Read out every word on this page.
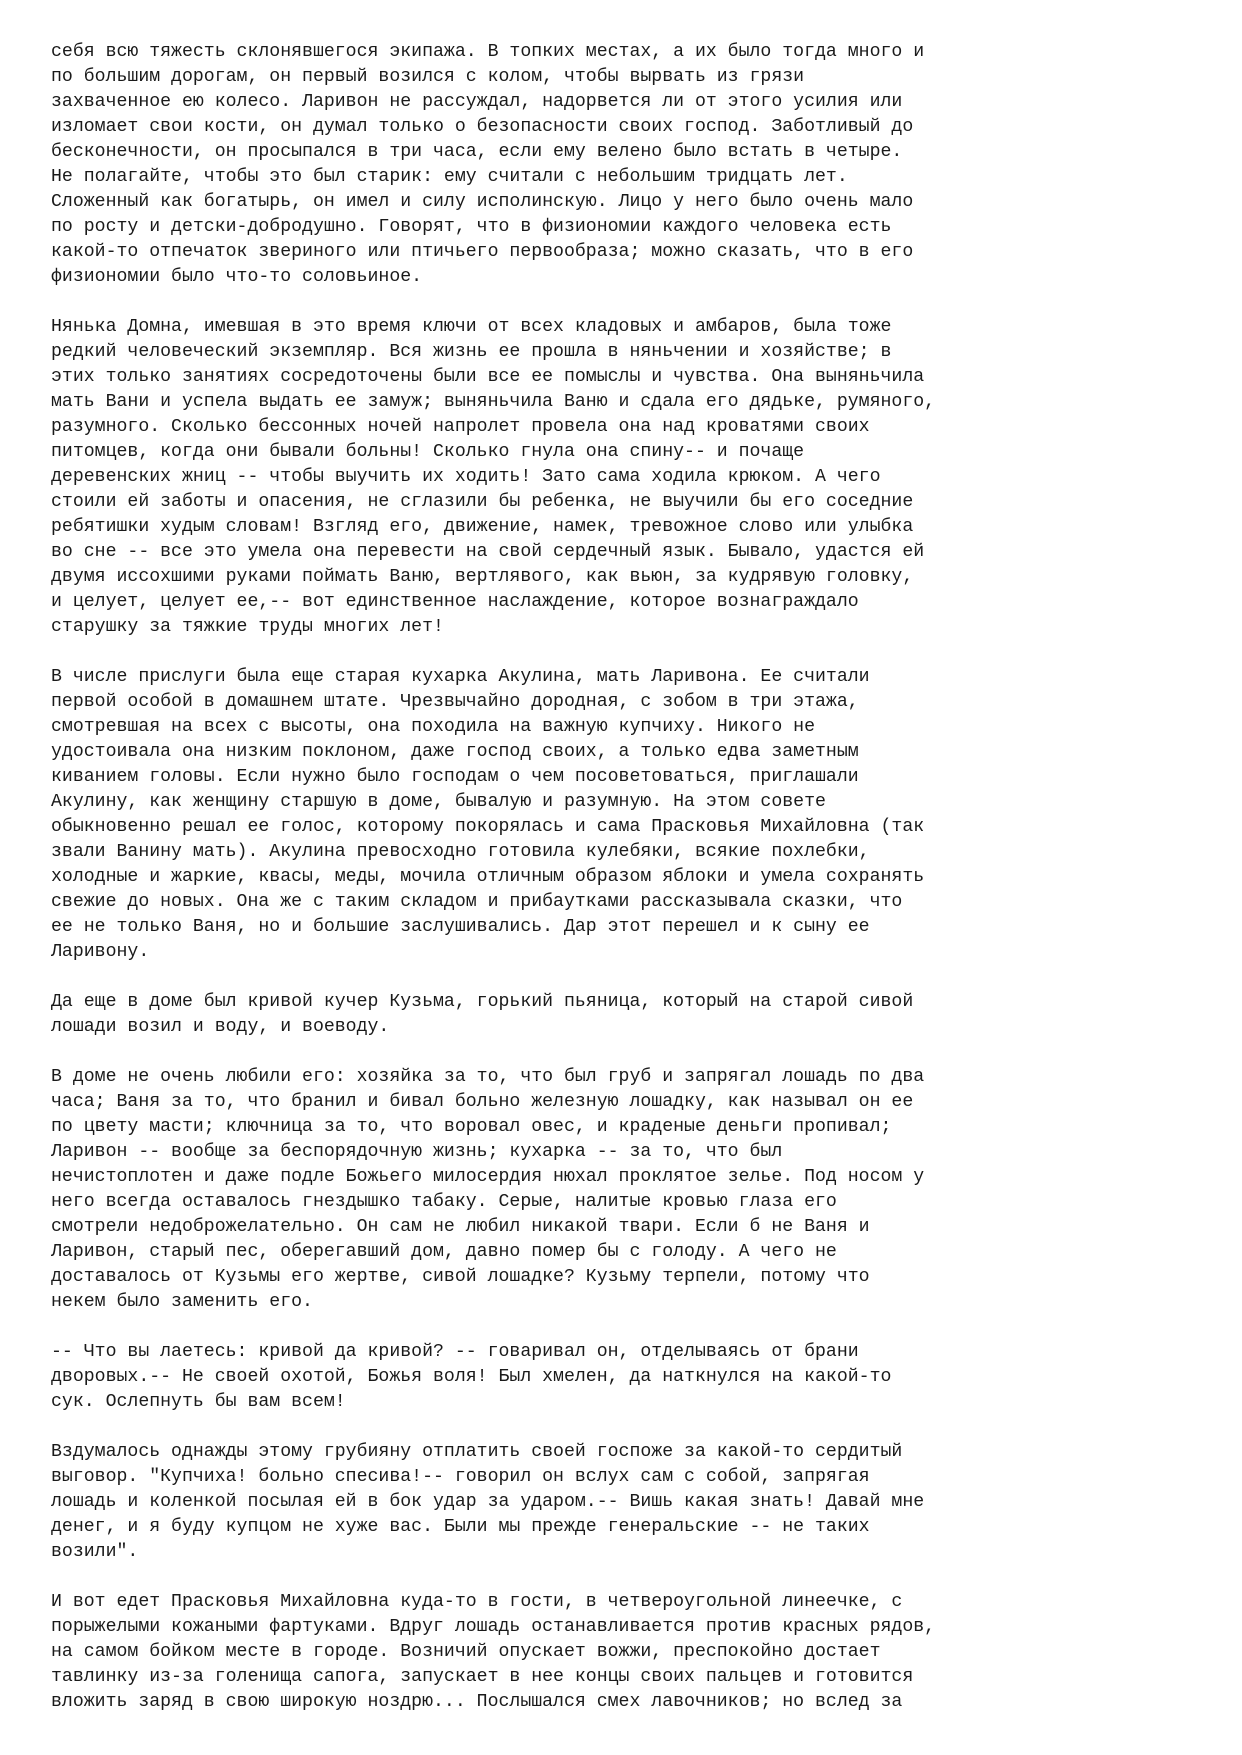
себя всю тяжесть склонявшегося экипажа. В топких местах, а их было тогда много и
по большим дорогам, он первый возился с колом, чтобы вырвать из грязи
захваченное ею колесо. Ларивон не рассуждал, надорвется ли от этого усилия или
изломает свои кости, он думал только о безопасности своих господ. Заботливый до
бесконечности, он просыпался в три часа, если ему велено было встать в четыре.
Не полагайте, чтобы это был старик: ему считали с небольшим тридцать лет.
Сложенный как богатырь, он имел и силу исполинскую. Лицо у него было очень мало
по росту и детски-добродушно. Говорят, что в физиономии каждого человека есть
какой-то отпечаток звериного или птичьего первообраза; можно сказать, что в его
физиономии было что-то соловьиное.
Нянька Домна, имевшая в это время ключи от всех кладовых и амбаров, была тоже
редкий человеческий экземпляр. Вся жизнь ее прошла в няньчении и хозяйстве; в
этих только занятиях сосредоточены были все ее помыслы и чувства. Она выняньчила
мать Вани и успела выдать ее замуж; выняньчила Ваню и сдала его дядьке, румяного,
разумного. Сколько бессонных ночей напролет провела она над кроватями своих
питомцев, когда они бывали больны! Сколько гнула она спину-- и почаще
деревенских жниц -- чтобы выучить их ходить! Зато сама ходила крюком. А чего
стоили ей заботы и опасения, не сглазили бы ребенка, не выучили бы его соседние
ребятишки худым словам! Взгляд его, движение, намек, тревожное слово или улыбка
во сне -- все это умела она перевести на свой сердечный язык. Бывало, удастся ей
двумя иссохшими руками поймать Ваню, вертлявого, как вьюн, за кудрявую головку,
и целует, целует ее,-- вот единственное наслаждение, которое вознаграждало
старушку за тяжкие труды многих лет!
В числе прислуги была еще старая кухарка Акулина, мать Ларивона. Ее считали
первой особой в домашнем штате. Чрезвычайно дородная, с зобом в три этажа,
смотревшая на всех с высоты, она походила на важную купчиху. Никого не
удостоивала она низким поклоном, даже господ своих, а только едва заметным
киванием головы. Если нужно было господам о чем посоветоваться, приглашали
Акулину, как женщину старшую в доме, бывалую и разумную. На этом совете
обыкновенно решал ее голос, которому покорялась и сама Прасковья Михайловна (так
звали Ванину мать). Акулина превосходно готовила кулебяки, всякие похлебки,
холодные и жаркие, квасы, меды, мочила отличным образом яблоки и умела сохранять
свежие до новых. Она же с таким складом и прибаутками рассказывала сказки, что
ее не только Ваня, но и большие заслушивались. Дар этот перешел и к сыну ее
Ларивону.
Да еще в доме был кривой кучер Кузьма, горький пьяница, который на старой сивой
лошади возил и воду, и воеводу.
В доме не очень любили его: хозяйка за то, что был груб и запрягал лошадь по два
часа; Ваня за то, что бранил и бивал больно железную лошадку, как называл он ее
по цвету масти; ключница за то, что воровал овес, и краденые деньги пропивал;
Ларивон -- вообще за беспорядочную жизнь; кухарка -- за то, что был
нечистоплотен и даже подле Божьего милосердия нюхал проклятое зелье. Под носом у
него всегда оставалось гнездышко табаку. Серые, налитые кровью глаза его
смотрели недоброжелательно. Он сам не любил никакой твари. Если б не Ваня и
Ларивон, старый пес, оберегавший дом, давно помер бы с голоду. А чего не
доставалось от Кузьмы его жертве, сивой лошадке? Кузьму терпели, потому что
некем было заменить его.
-- Что вы лаетесь: кривой да кривой? -- говаривал он, отделываясь от брани
дворовых.-- Не своей охотой, Божья воля! Был хмелен, да наткнулся на какой-то
сук. Ослепнуть бы вам всем!
Вздумалось однажды этому грубияну отплатить своей госпоже за какой-то сердитый
выговор. "Купчиха! больно спесива!-- говорил он вслух сам с собой, запрягая
лошадь и коленкой посылая ей в бок удар за ударом.-- Вишь какая знать! Давай мне
денег, и я буду купцом не хуже вас. Были мы прежде генеральские -- не таких
возили".
И вот едет Прасковья Михайловна куда-то в гости, в четвероугольной линеечке, с
порыжелыми кожаными фартуками. Вдруг лошадь останавливается против красных рядов,
на самом бойком месте в городе. Возничий опускает вожжи, преспокойно достает
тавлинку из-за голенища сапога, запускает в нее концы своих пальцев и готовится
вложить заряд в свою широкую ноздрю... Послышался смех лавочников; но вслед за
